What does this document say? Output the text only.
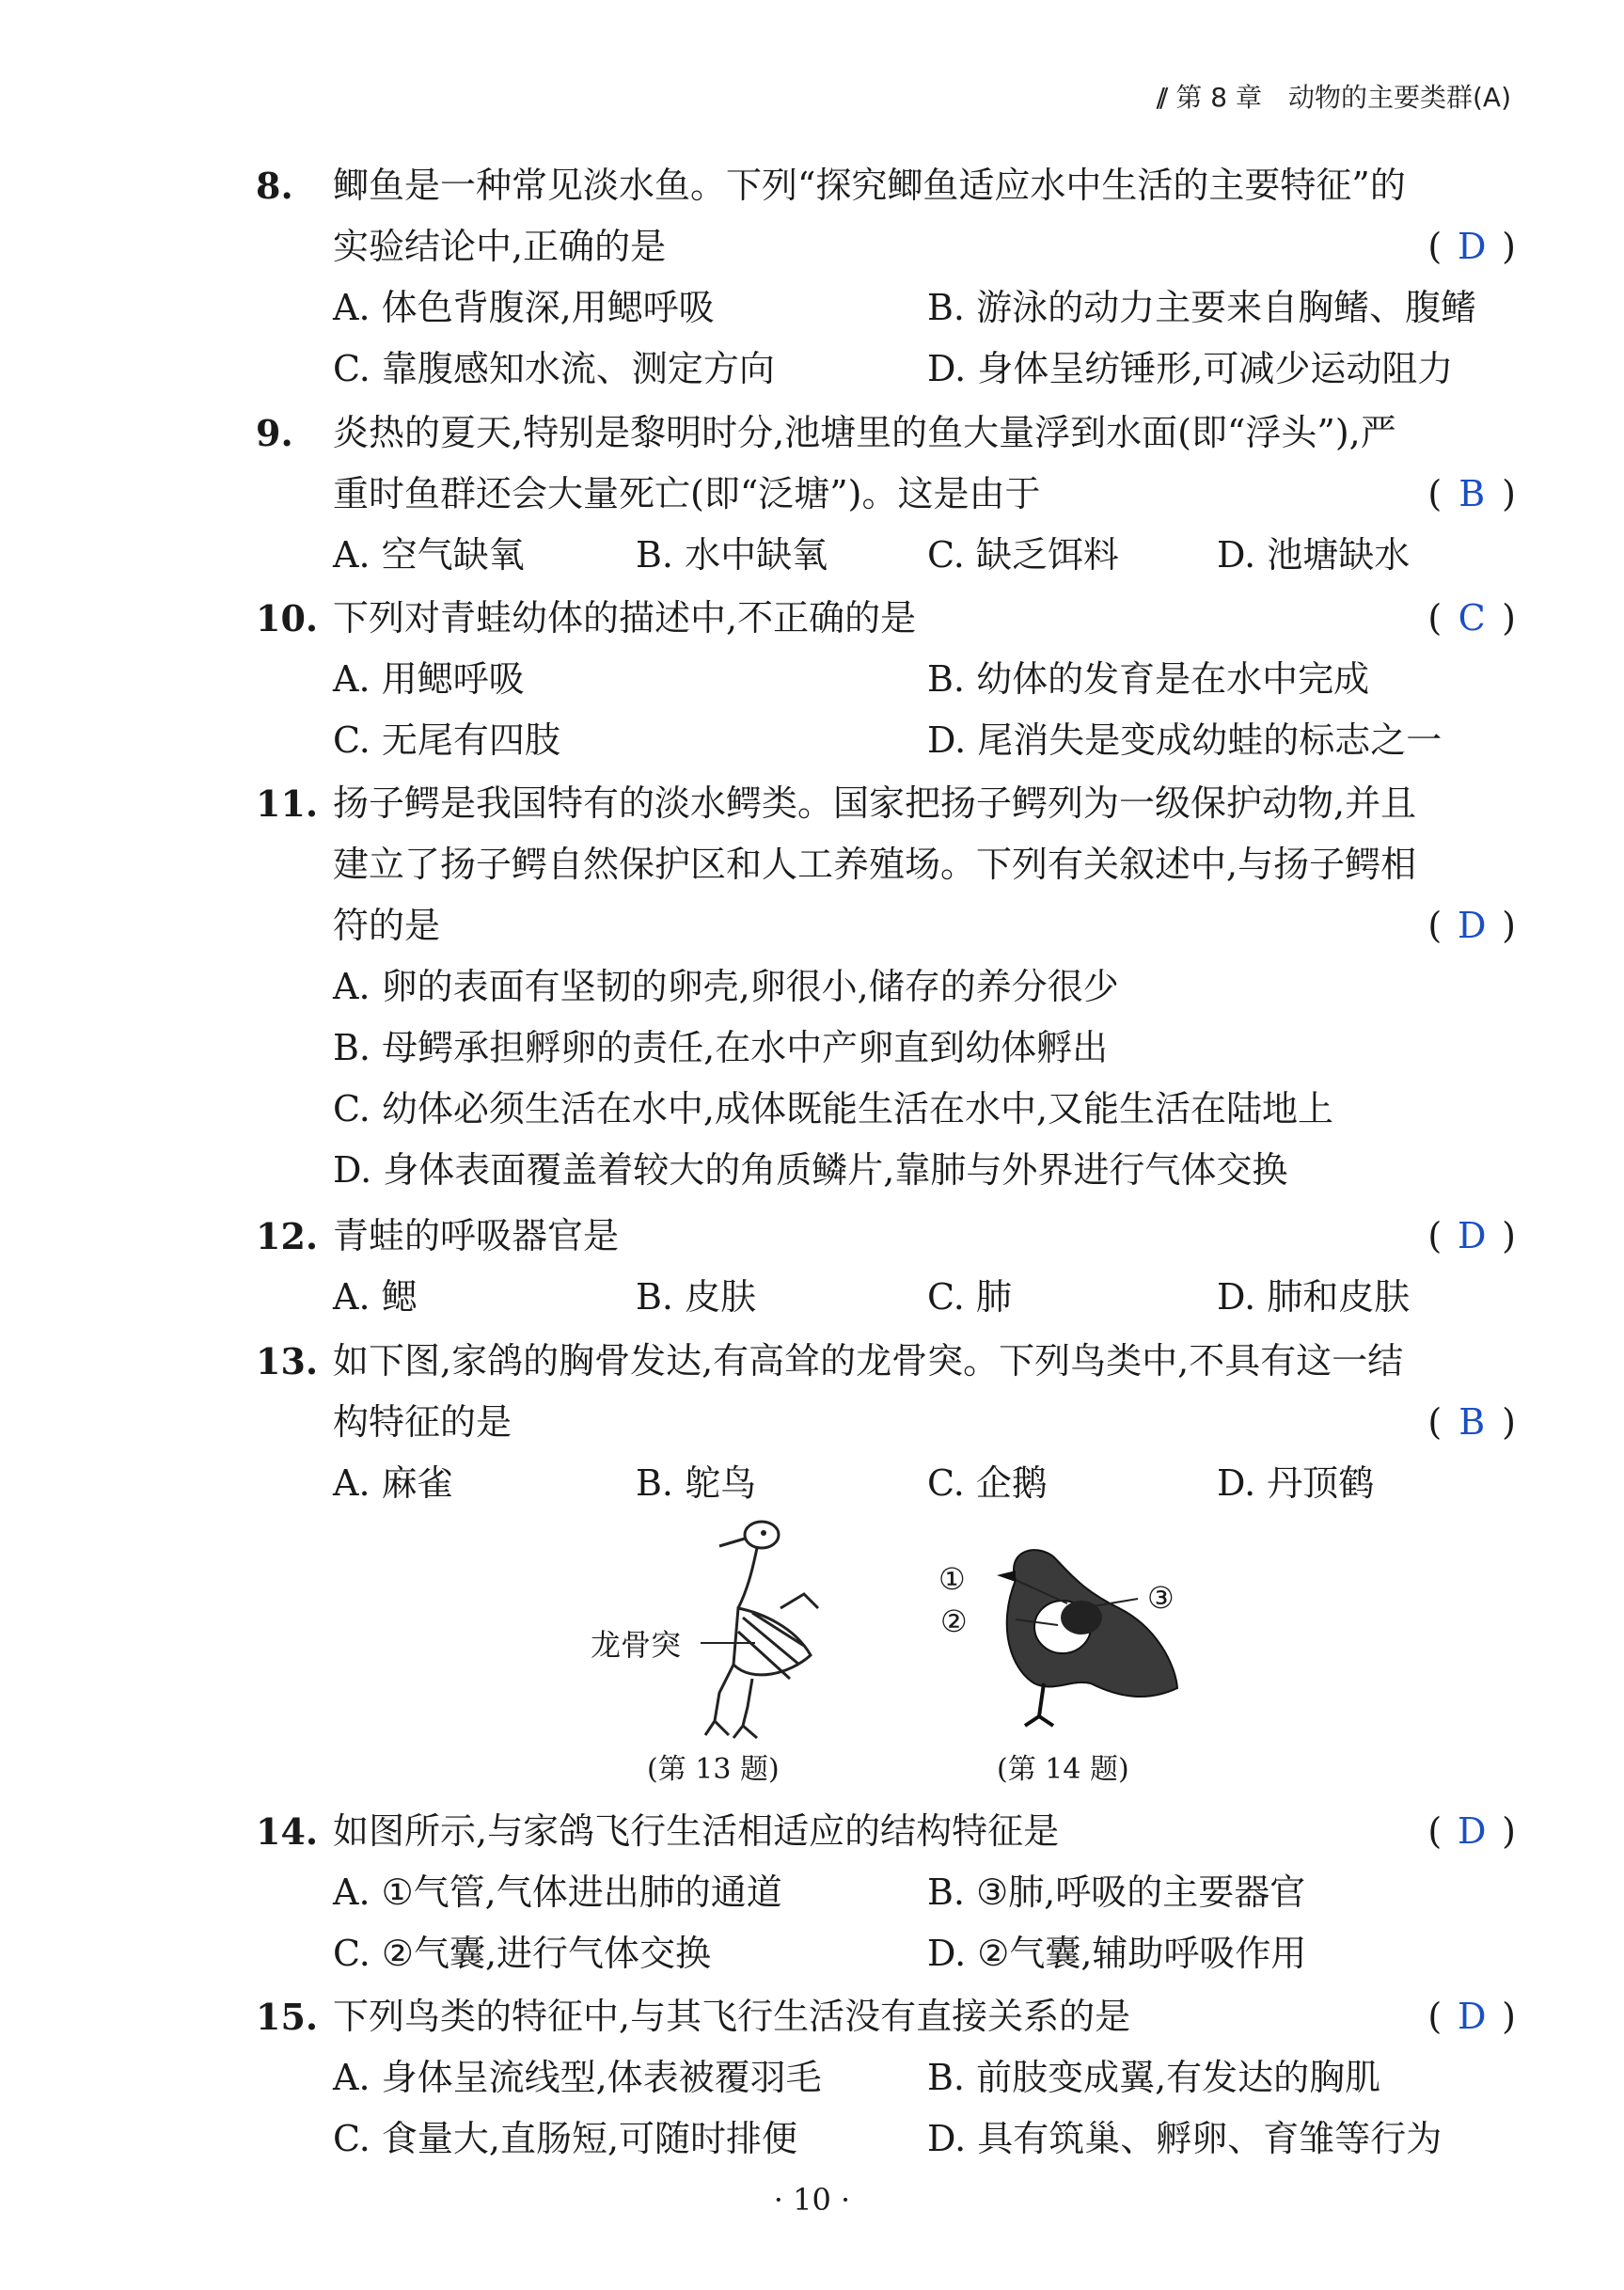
// 第 8 章　动物的主要类群(A)
8. 鲫鱼是一种常见淡水鱼。下列“探究鲫鱼适应水中生活的主要特征”的
实验结论中,正确的是	( D )
A. 体色背腹深,用鳃呼吸	B. 游泳的动力主要来自胸鳍、腹鳍
C. 靠腹感知水流、测定方向	D. 身体呈纺锤形,可减少运动阻力
9. 炎热的夏天,特别是黎明时分,池塘里的鱼大量浮到水面(即“浮头”),严
重时鱼群还会大量死亡(即“泛塘”)。这是由于	( B )
A. 空气缺氧	B. 水中缺氧	C. 缺乏饵料	D. 池塘缺水
10. 下列对青蛙幼体的描述中,不正确的是	( C )
A. 用鳃呼吸	B. 幼体的发育是在水中完成
C. 无尾有四肢	D. 尾消失是变成幼蛙的标志之一
11. 扬子鳄是我国特有的淡水鳄类。国家把扬子鳄列为一级保护动物,并且
建立了扬子鳄自然保护区和人工养殖场。下列有关叙述中,与扬子鳄相
符的是	( D )
A. 卵的表面有坚韧的卵壳,卵很小,储存的养分很少
B. 母鳄承担孵卵的责任,在水中产卵直到幼体孵出
C. 幼体必须生活在水中,成体既能生活在水中,又能生活在陆地上
D. 身体表面覆盖着较大的角质鳞片,靠肺与外界进行气体交换
12. 青蛙的呼吸器官是	( D )
A. 鳃	B. 皮肤	C. 肺	D. 肺和皮肤
13. 如下图,家鸽的胸骨发达,有高耸的龙骨突。下列鸟类中,不具有这一结
构特征的是	( B )
A. 麻雀	B. 鸵鸟	C. 企鹅	D. 丹顶鹤
14. 如图所示,与家鸽飞行生活相适应的结构特征是	( D )
A. ①气管,气体进出肺的通道	B. ③肺,呼吸的主要器官
C. ②气囊,进行气体交换	D. ②气囊,辅助呼吸作用
15. 下列鸟类的特征中,与其飞行生活没有直接关系的是	( D )
A. 身体呈流线型,体表被覆羽毛	B. 前肢变成翼,有发达的胸肌
C. 食量大,直肠短,可随时排便	D. 具有筑巢、孵卵、育雏等行为
龙骨突
(第 13 题)
①
②
③
(第 14 题)
· 10 ·
